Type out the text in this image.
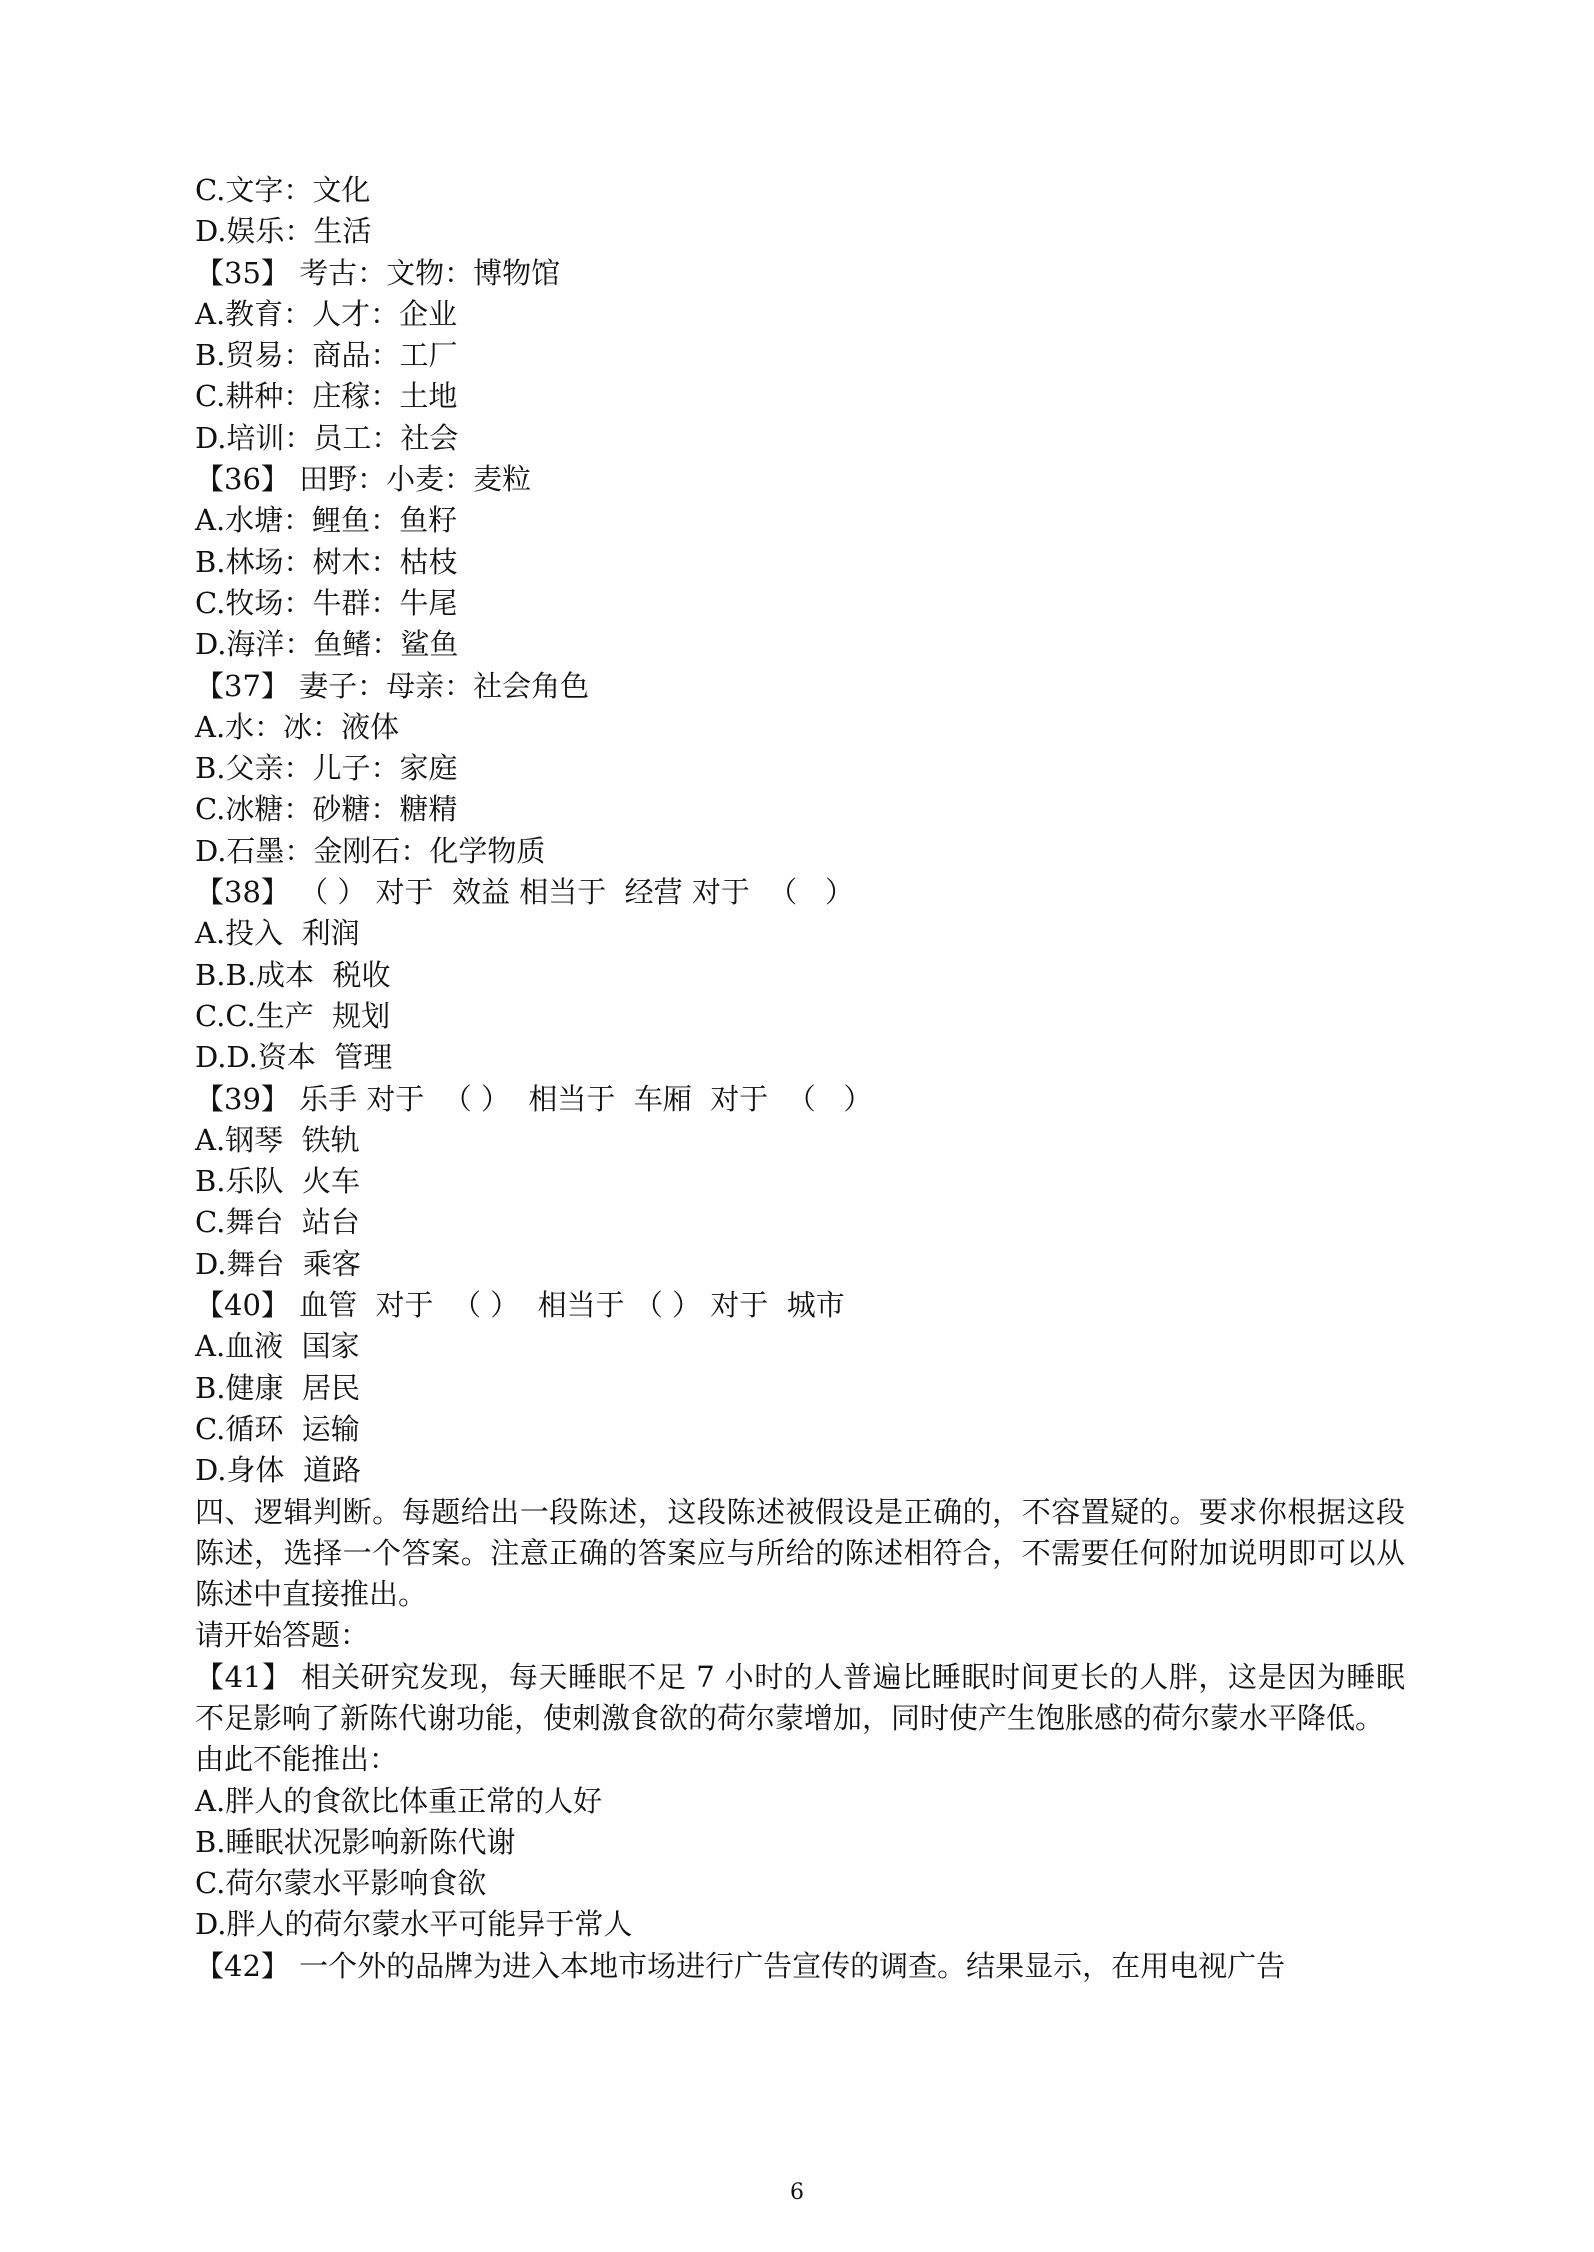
C.文字：文化
D.娱乐：生活
【35】 考古：文物：博物馆
A.教育：人才：企业
B.贸易：商品：工厂
C.耕种：庄稼：土地
D.培训：员工：社会
【36】 田野：小麦：麦粒
A.水塘：鲤鱼：鱼籽
B.林场：树木：枯枝
C.牧场：牛群：牛尾
D.海洋：鱼鳍：鲨鱼
【37】 妻子：母亲：社会角色
A.水：冰：液体
B.父亲：儿子：家庭
C.冰糖：砂糖：糖精
D.石墨：金刚石：化学物质
【38】 （ ） 对于  效益 相当于  经营 对于  （   ）
A.投入  利润
B.B.成本  税收
C.C.生产  规划
D.D.资本  管理
【39】 乐手 对于  （ ）  相当于  车厢  对于  （   ）
A.钢琴  铁轨
B.乐队  火车
C.舞台  站台
D.舞台  乘客
【40】 血管  对于  （ ）  相当于 （ ） 对于  城市
A.血液  国家
B.健康  居民
C.循环  运输
D.身体  道路
四、逻辑判断。每题给出一段陈述，这段陈述被假设是正确的，不容置疑的。要求你根据这段陈述，选择一个答案。注意正确的答案应与所给的陈述相符合，不需要任何附加说明即可以从陈述中直接推出。
请开始答题：
【41】 相关研究发现，每天睡眠不足 7 小时的人普遍比睡眠时间更长的人胖，这是因为睡眠不足影响了新陈代谢功能，使刺激食欲的荷尔蒙增加，同时使产生饱胀感的荷尔蒙水平降低。
由此不能推出：
A.胖人的食欲比体重正常的人好
B.睡眠状况影响新陈代谢
C.荷尔蒙水平影响食欲
D.胖人的荷尔蒙水平可能异于常人
【42】 一个外的品牌为进入本地市场进行广告宣传的调查。结果显示，在用电视广告
6
